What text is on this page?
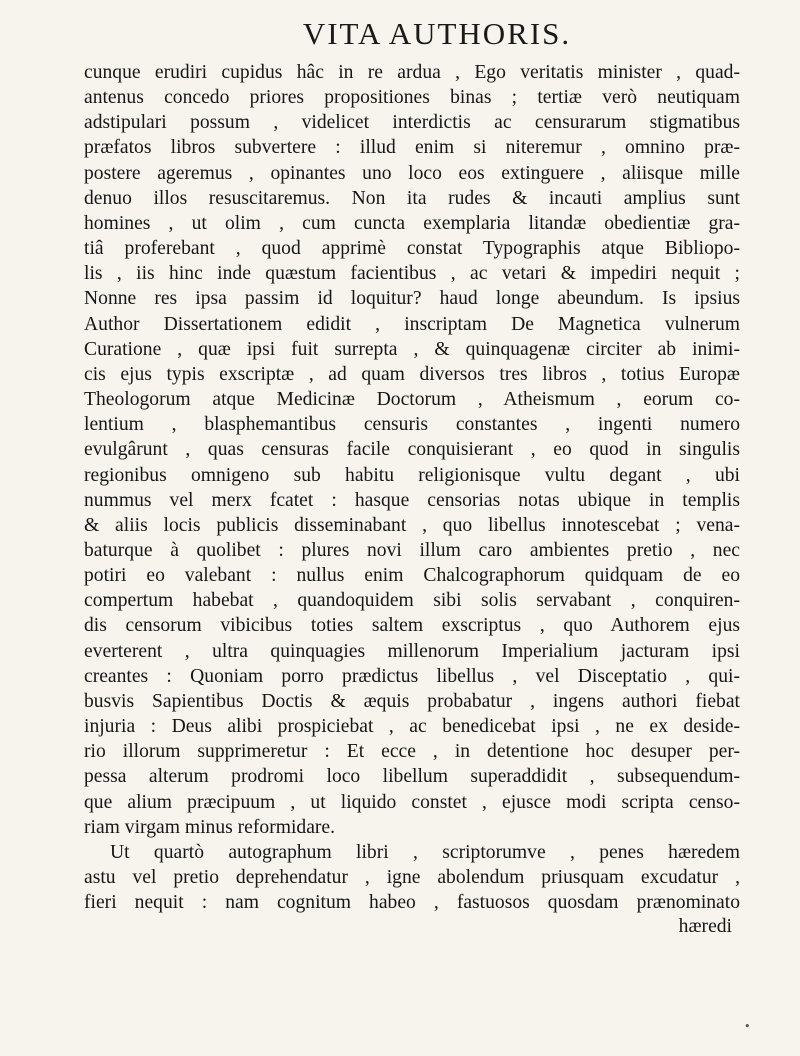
VITA AUTHORIS.
cunque erudiri cupidus hâc in re ardua , Ego veritatis minister , quad-
antenus concedo priores propositiones binas ; tertiæ verò neutiquam
adstipulari possum , videlicet interdictis ac censurarum stigmatibus
præfatos libros subvertere : illud enim si niteremur , omnino præ-
postere ageremus , opinantes uno loco eos extinguere , aliisque mille
denuo illos resuscitaremus. Non ita rudes & incauti amplius sunt
homines , ut olim , cum cuncta exemplaria litandæ obedientiæ gra-
tiâ proferebant , quod apprimè constat Typographis atque Bibliopo-
lis , iis hinc inde quæstum facientibus , ac vetari & impediri nequit ;
Nonne res ipsa passim id loquitur? haud longe abeundum. Is ipsius
Author Dissertationem edidit , inscriptam De Magnetica vulnerum
Curatione , quæ ipsi fuit surrepta , & quinquagenæ circiter ab inimi-
cis ejus typis exscriptæ , ad quam diversos tres libros , totius Europæ
Theologorum atque Medicinæ Doctorum , Atheismum , eorum co-
lentium , blasphemantibus censuris constantes , ingenti numero
evulgârunt , quas censuras facile conquisierant , eo quod in singulis
regionibus omnigeno sub habitu religionisque vultu degant , ubi
nummus vel merx fcatet : hasque censorias notas ubique in templis
& aliis locis publicis disseminabant , quo libellus innotescebat ; vena-
baturque à quolibet : plures novi illum caro ambientes pretio , nec
potiri eo valebant : nullus enim Chalcographorum quidquam de eo
compertum habebat , quandoquidem sibi solis servabant , conquiren-
dis censorum vibicibus toties saltem exscriptus , quo Authorem ejus
everterent , ultra quinquagies millenorum Imperialium jacturam ipsi
creantes : Quoniam porro prædictus libellus , vel Disceptatio , qui-
busvis Sapientibus Doctis & æquis probabatur , ingens authori fiebat
injuria : Deus alibi prospiciebat , ac benedicebat ipsi , ne ex deside-
rio illorum supprimeretur : Et ecce , in detentione hoc desuper per-
pessa alterum prodromi loco libellum superaddidit , subsequendum-
que alium præcipuum , ut liquido constet , ejusce modi scripta censo-
riam virgam minus reformidare.
Ut quartò autographum libri , scriptorumve , penes hæredem
astu vel pretio deprehendatur , igne abolendum priusquam excudatur ,
fieri nequit : nam cognitum habeo , fastuosos quosdam prænominato
hæredi
•
